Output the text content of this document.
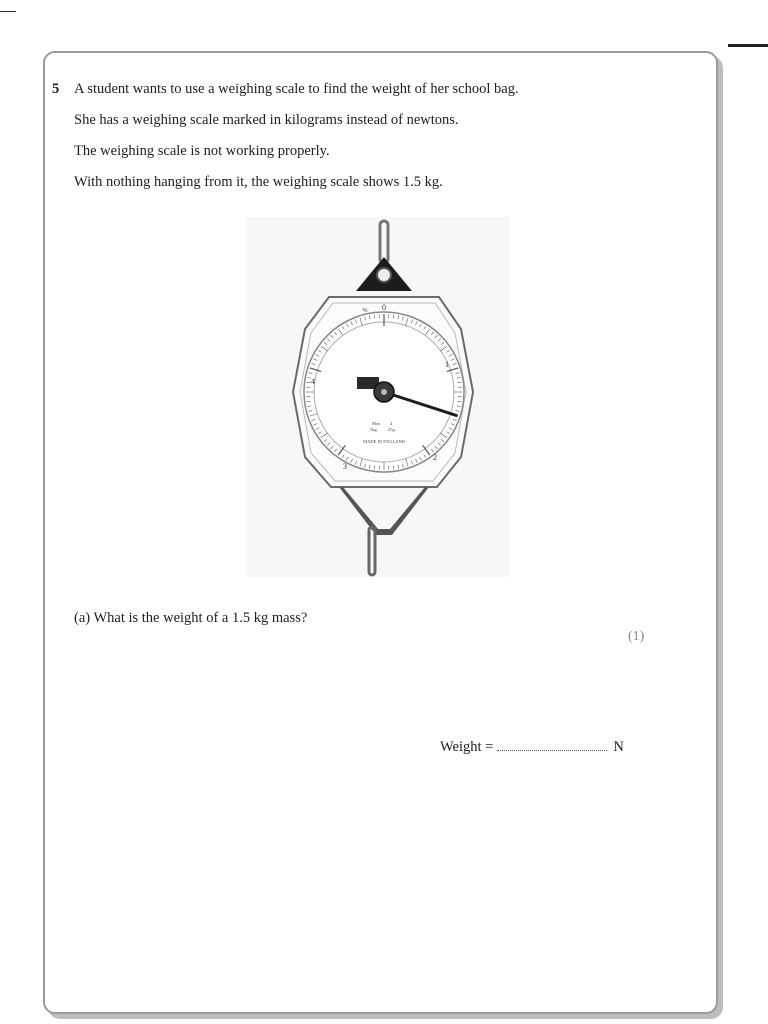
5 A student wants to use a weighing scale to find the weight of her school bag.
She has a weighing scale marked in kilograms instead of newtons.
The weighing scale is not working properly.
With nothing hanging from it, the weighing scale shows 1.5 kg.
0
1
2
3
4
kg
Max 4
5kg	25g
MADE IN ENGLAND
(a) What is the weight of a 1.5 kg mass?
(1)
Weight =	N
